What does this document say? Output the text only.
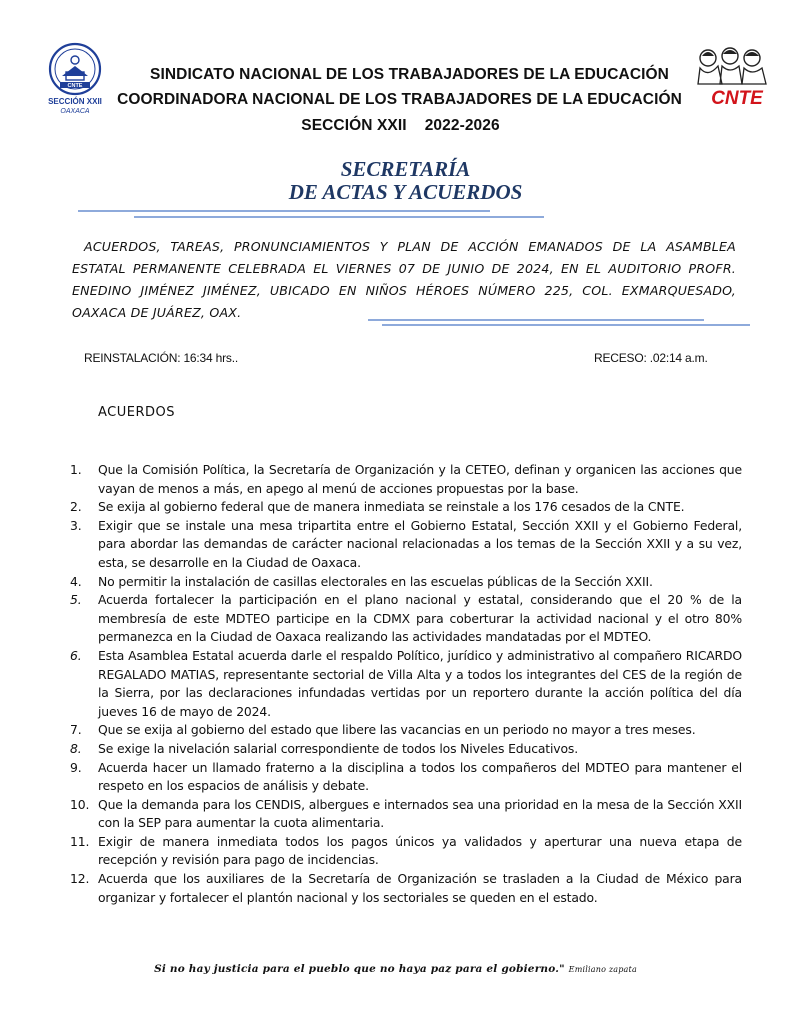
CNTE
SECCIÓN XXII
OAXACA
CNTE
SINDICATO NACIONAL DE LOS TRABAJADORES DE LA EDUCACIÓN
COORDINADORA NACIONAL DE LOS TRABAJADORES DE LA EDUCACIÓN
SECCIÓN XXII 2022-2026
SECRETARÍA
DE ACTAS Y ACUERDOS
ACUERDOS, TAREAS, PRONUNCIAMIENTOS Y PLAN DE ACCIÓN EMANADOS DE LA ASAMBLEA ESTATAL PERMANENTE CELEBRADA EL VIERNES 07 DE JUNIO DE 2024, EN EL AUDITORIO PROFR. ENEDINO JIMÉNEZ JIMÉNEZ, UBICADO EN NIÑOS HÉROES NÚMERO 225, COL. EXMARQUESADO, OAXACA DE JUÁREZ, OAX.
REINSTALACIÓN: 16:34 hrs..	RECESO: .02:14 a.m.
ACUERDOS
1. Que la Comisión Política, la Secretaría de Organización y la CETEO, definan y organicen las acciones que vayan de menos a más, en apego al menú de acciones propuestas por la base.
2. Se exija al gobierno federal que de manera inmediata se reinstale a los 176 cesados de la CNTE.
3. Exigir que se instale una mesa tripartita entre el Gobierno Estatal, Sección XXII y el Gobierno Federal, para abordar las demandas de carácter nacional relacionadas a los temas de la Sección XXII y a su vez, esta, se desarrolle en la Ciudad de Oaxaca.
4. No permitir la instalación de casillas electorales en las escuelas públicas de la Sección XXII.
5. Acuerda fortalecer la participación en el plano nacional y estatal, considerando que el 20 % de la membresía de este MDTEO participe en la CDMX para coberturar la actividad nacional y el otro 80% permanezca en la Ciudad de Oaxaca realizando las actividades mandatadas por el MDTEO.
6. Esta Asamblea Estatal acuerda darle el respaldo Político, jurídico y administrativo al compañero RICARDO REGALADO MATIAS, representante sectorial de Villa Alta y a todos los integrantes del CES de la región de la Sierra, por las declaraciones infundadas vertidas por un reportero durante la acción política del día jueves 16 de mayo de 2024.
7. Que se exija al gobierno del estado que libere las vacancias en un periodo no mayor a tres meses.
8. Se exige la nivelación salarial correspondiente de todos los Niveles Educativos.
9. Acuerda hacer un llamado fraterno a la disciplina a todos los compañeros del MDTEO para mantener el respeto en los espacios de análisis y debate.
10. Que la demanda para los CENDIS, albergues e internados sea una prioridad en la mesa de la Sección XXII con la SEP para aumentar la cuota alimentaria.
11. Exigir de manera inmediata todos los pagos únicos ya validados y aperturar una nueva etapa de recepción y revisión para pago de incidencias.
12. Acuerda que los auxiliares de la Secretaría de Organización se trasladen a la Ciudad de México para organizar y fortalecer el plantón nacional y los sectoriales se queden en el estado.
Si no hay justicia para el pueblo que no haya paz para el gobierno." Emiliano zapata
